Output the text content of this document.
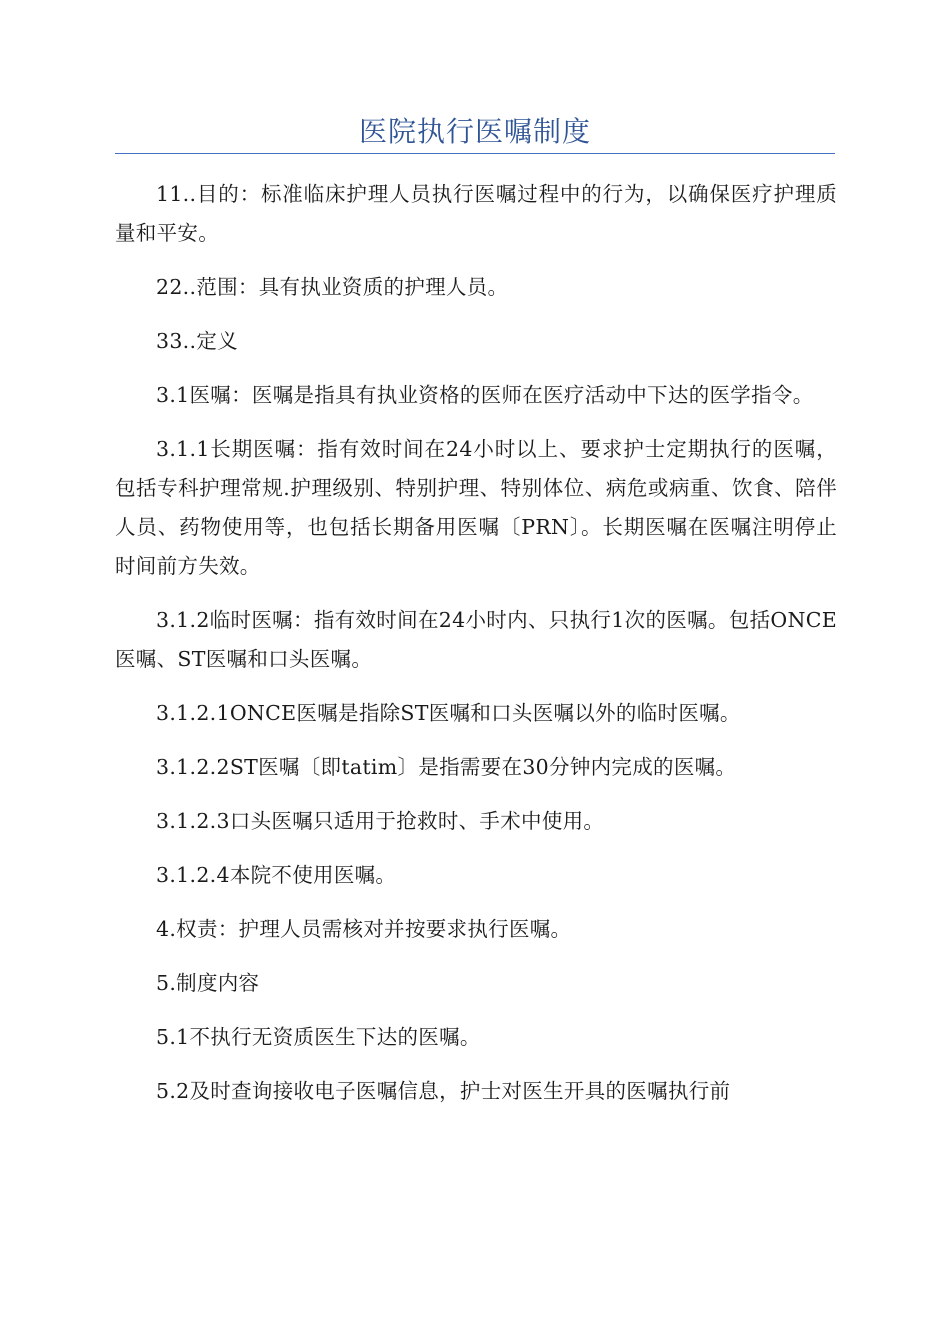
医院执行医嘱制度

11..目的：标准临床护理人员执行医嘱过程中的行为，以确保医疗护理质量和平安。

22..范围：具有执业资质的护理人员。

33..定义

3.1医嘱：医嘱是指具有执业资格的医师在医疗活动中下达的医学指令。

3.1.1长期医嘱：指有效时间在24小时以上、要求护士定期执行的医嘱，包括专科护理常规.护理级别、特别护理、特别体位、病危或病重、饮食、陪伴人员、药物使用等，也包括长期备用医嘱〔PRN〕。长期医嘱在医嘱注明停止时间前方失效。

3.1.2临时医嘱：指有效时间在24小时内、只执行1次的医嘱。包括ONCE医嘱、ST医嘱和口头医嘱。

3.1.2.1ONCE医嘱是指除ST医嘱和口头医嘱以外的临时医嘱。

3.1.2.2ST医嘱〔即tatim〕是指需要在30分钟内完成的医嘱。

3.1.2.3口头医嘱只适用于抢救时、手术中使用。

3.1.2.4本院不使用医嘱。

4.权责：护理人员需核对并按要求执行医嘱。

5.制度内容

5.1不执行无资质医生下达的医嘱。

5.2及时查询接收电子医嘱信息，护士对医生开具的医嘱执行前
